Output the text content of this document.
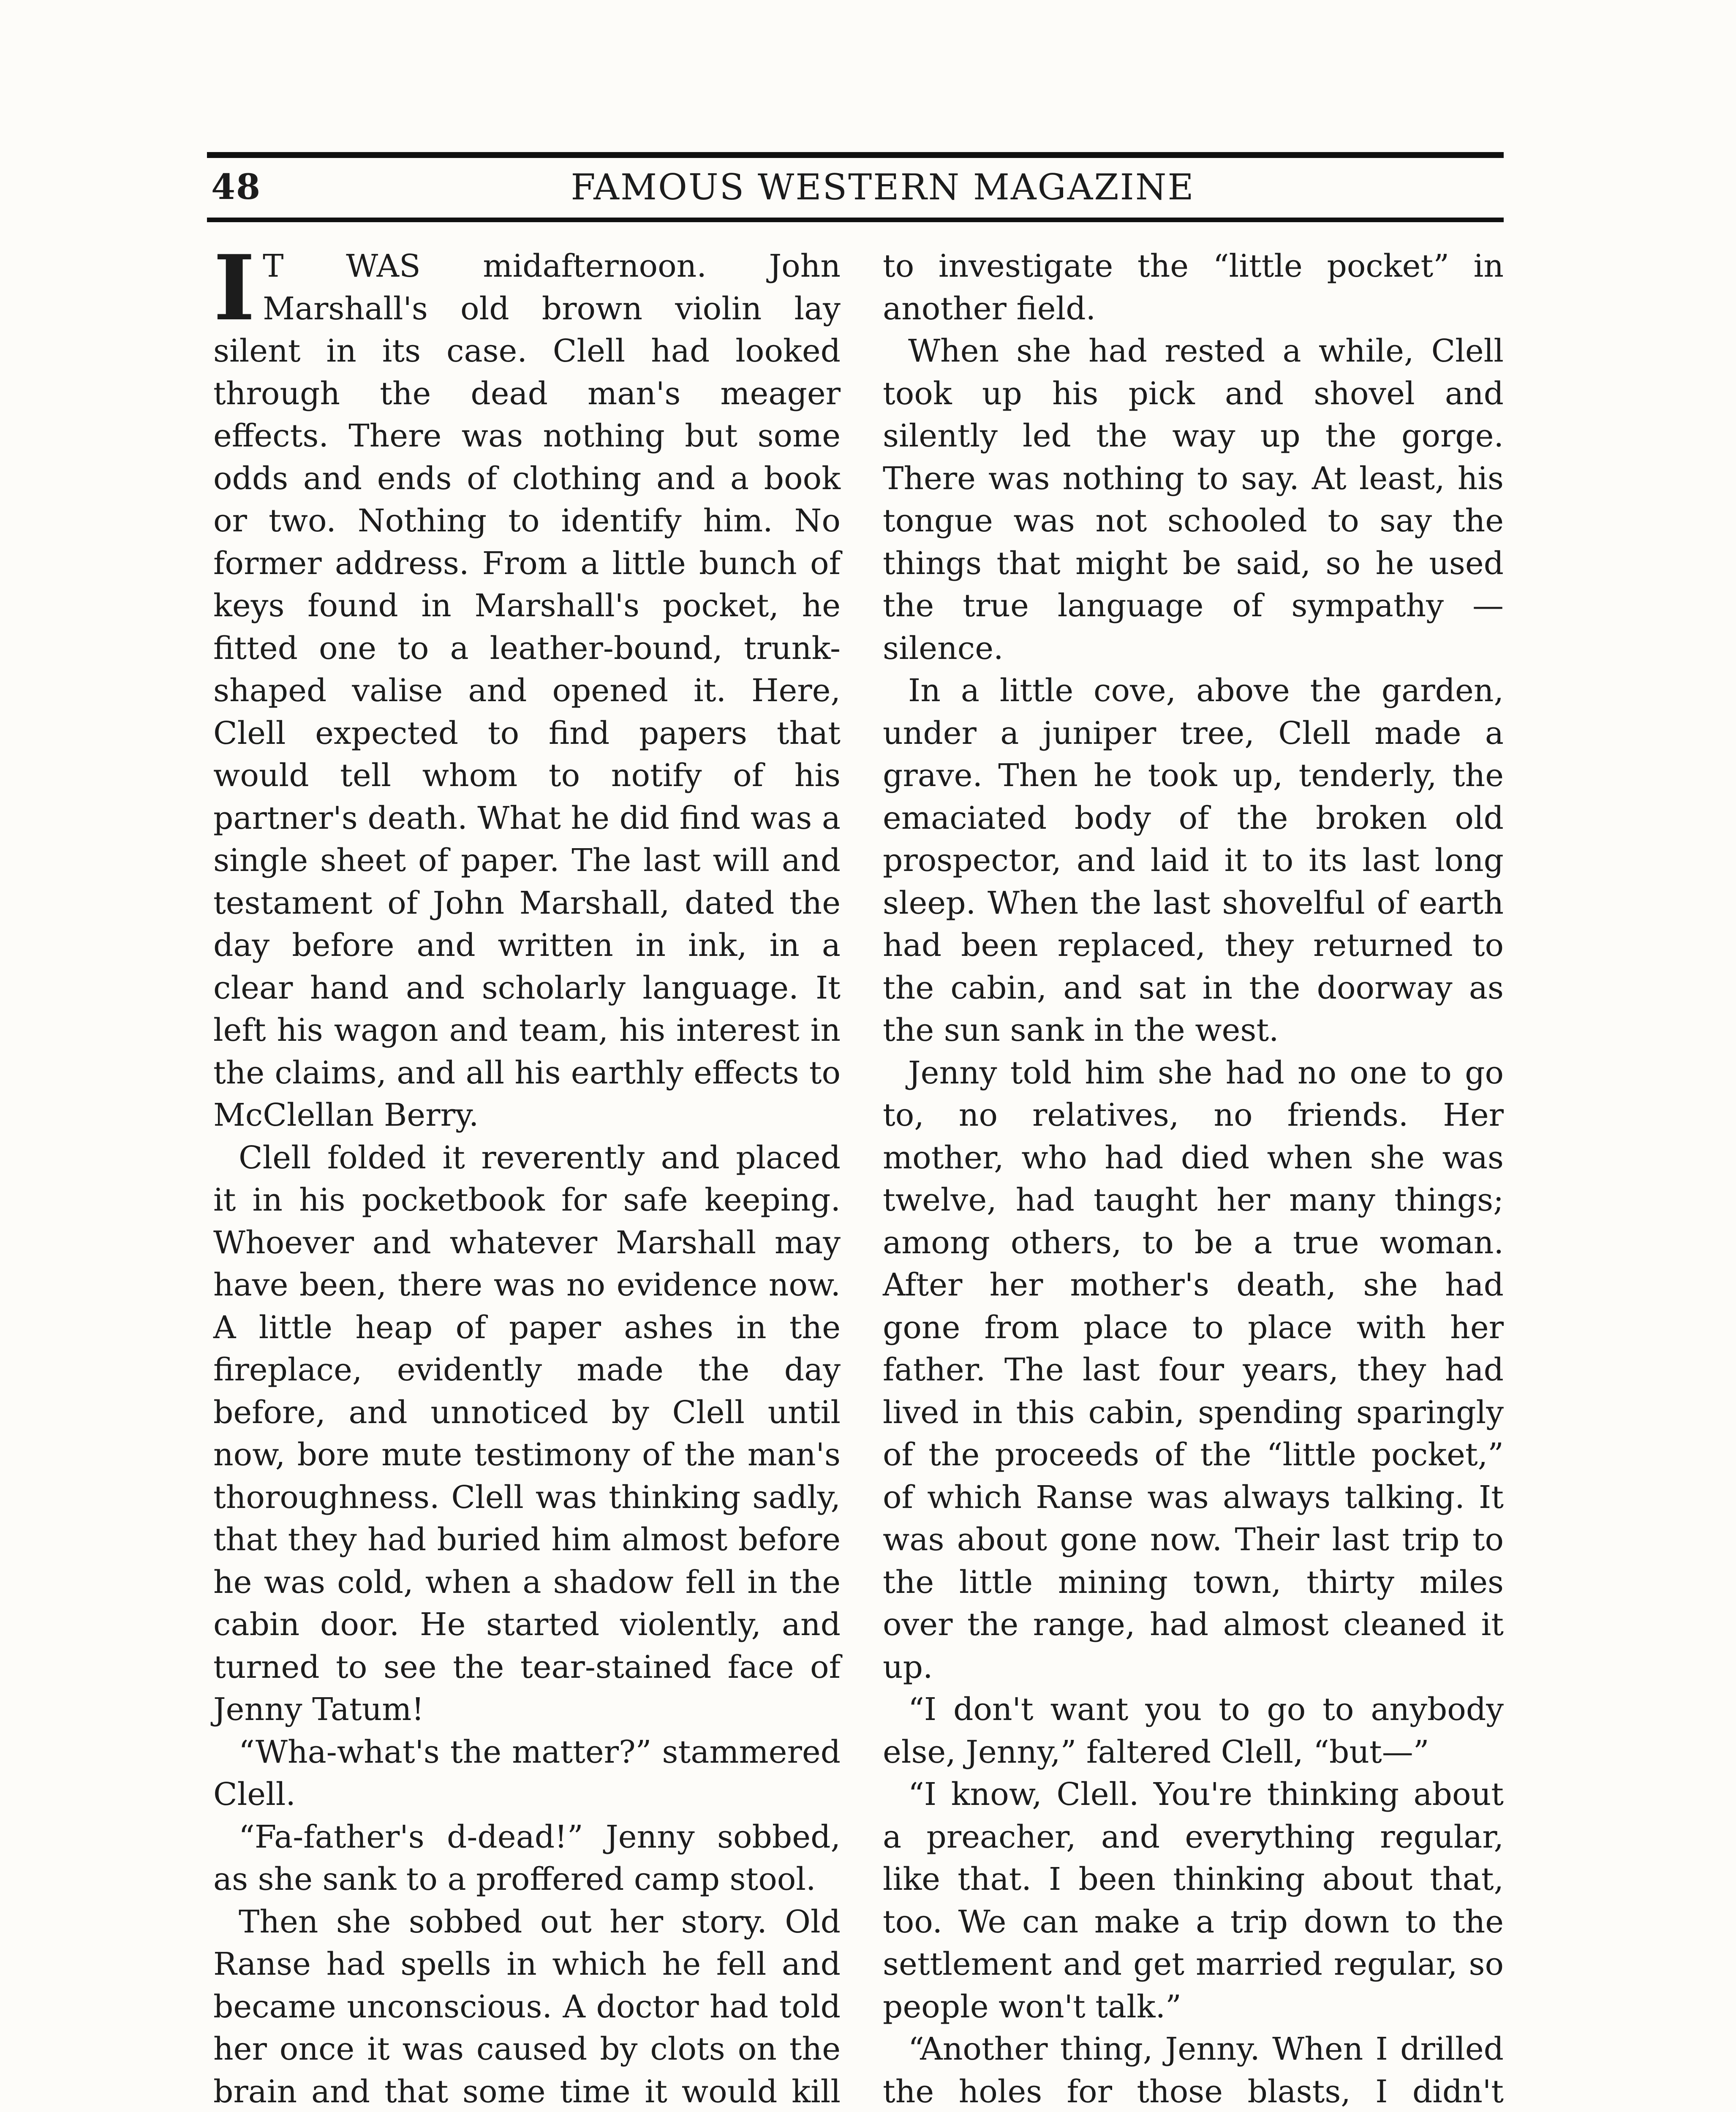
48	FAMOUS WESTERN MAGAZINE

I T WAS midafternoon. John Marshall's old brown violin lay silent in its case. Clell had looked through the dead man's meager effects. There was nothing but some odds and ends of clothing and a book or two. Nothing to identify him. No former address. From a little bunch of keys found in Marshall's pocket, he fitted one to a leather-bound, trunk-shaped valise and opened it. Here, Clell expected to find papers that would tell whom to notify of his partner's death. What he did find was a single sheet of paper. The last will and testament of John Marshall, dated the day before and written in ink, in a clear hand and scholarly language. It left his wagon and team, his interest in the claims, and all his earthly effects to McClellan Berry.

Clell folded it reverently and placed it in his pocketbook for safe keeping. Whoever and whatever Marshall may have been, there was no evidence now. A little heap of paper ashes in the fireplace, evidently made the day before, and unnoticed by Clell until now, bore mute testimony of the man's thoroughness. Clell was thinking sadly, that they had buried him almost before he was cold, when a shadow fell in the cabin door. He started violently, and turned to see the tear-stained face of Jenny Tatum!

“Wha-what's the matter?” stammered Clell.

“Fa-father's d-dead!” Jenny sobbed, as she sank to a proffered camp stool.

Then she sobbed out her story. Old Ranse had spells in which he fell and became unconscious. A doctor had told her once it was caused by clots on the brain and that some time it would kill

to investigate the “little pocket” in another field.

When she had rested a while, Clell took up his pick and shovel and silently led the way up the gorge. There was nothing to say. At least, his tongue was not schooled to say the things that might be said, so he used the true language of sympathy —silence.

In a little cove, above the garden, under a juniper tree, Clell made a grave. Then he took up, tenderly, the emaciated body of the broken old prospector, and laid it to its last long sleep. When the last shovelful of earth had been replaced, they returned to the cabin, and sat in the doorway as the sun sank in the west.

Jenny told him she had no one to go to, no relatives, no friends. Her mother, who had died when she was twelve, had taught her many things; among others, to be a true woman. After her mother's death, she had gone from place to place with her father. The last four years, they had lived in this cabin, spending sparingly of the proceeds of the “little pocket,” of which Ranse was always talking. It was about gone now. Their last trip to the little mining town, thirty miles over the range, had almost cleaned it up.

“I don't want you to go to anybody else, Jenny,” faltered Clell, “but—”

“I know, Clell. You're thinking about a preacher, and everything regular, like that. I been thinking about that, too. We can make a trip down to the settlement and get married regular, so people won't talk.”

“Another thing, Jenny. When I drilled the holes for those blasts, I didn't
